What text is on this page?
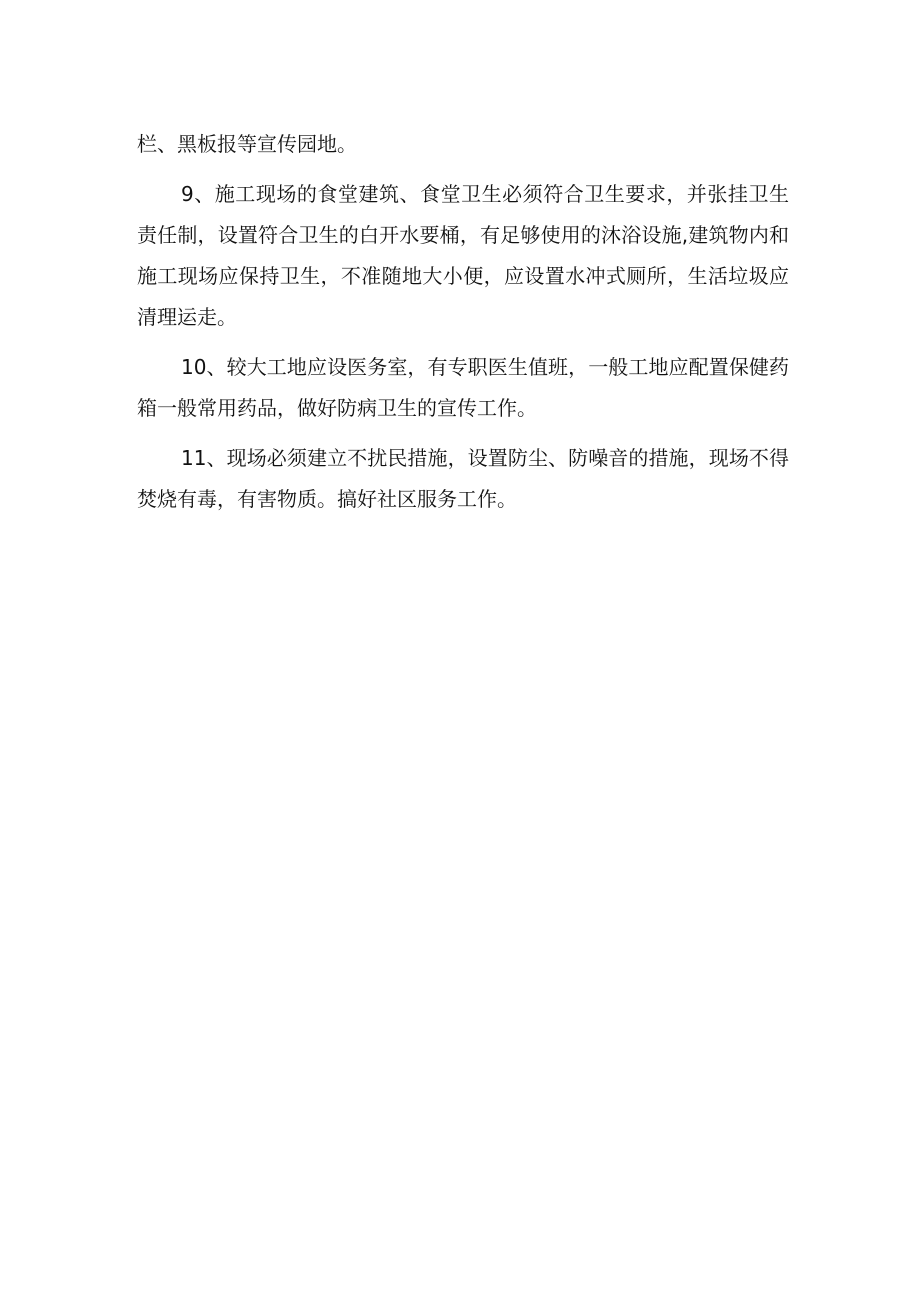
栏、黑板报等宣传园地。

9、施工现场的食堂建筑、食堂卫生必须符合卫生要求，并张挂卫生责任制，设置符合卫生的白开水要桶，有足够使用的沐浴设施,建筑物内和施工现场应保持卫生，不准随地大小便，应设置水冲式厕所，生活垃圾应清理运走。

10、较大工地应设医务室，有专职医生值班，一般工地应配置保健药箱一般常用药品，做好防病卫生的宣传工作。

11、现场必须建立不扰民措施，设置防尘、防噪音的措施，现场不得焚烧有毒，有害物质。搞好社区服务工作。
